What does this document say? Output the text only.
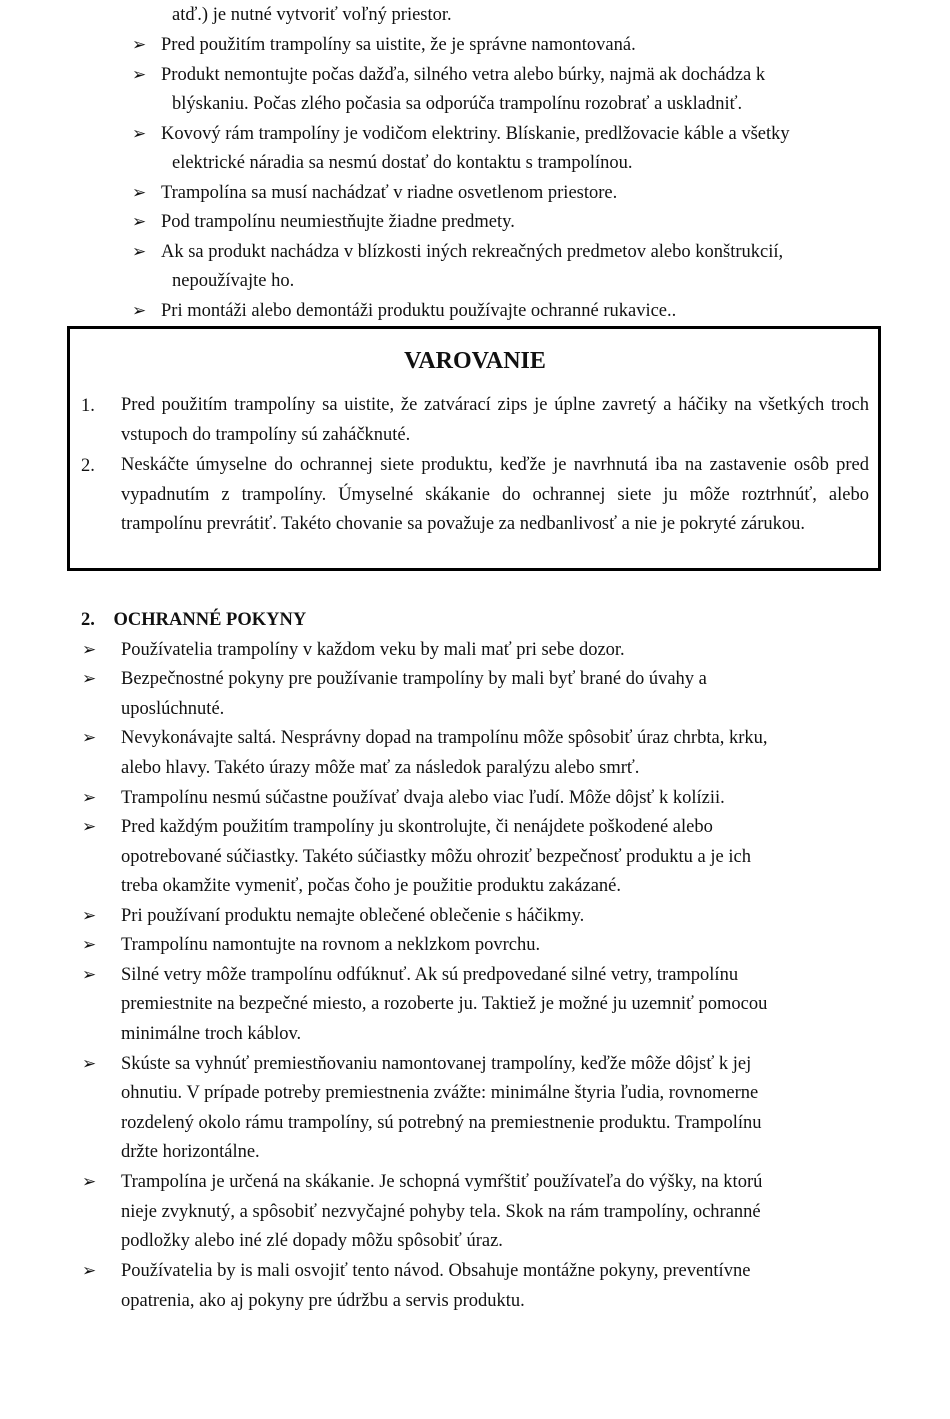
atď.) je nutné vytvoriť voľný priestor.
➢ Pred použitím trampolíny sa uistite, že je správne namontovaná.
➢ Produkt nemontujte počas dažďa, silného vetra alebo búrky, najmä ak dochádza k
blýskaniu. Počas zlého počasia sa odporúča trampolínu rozobrať a uskladniť.
➢ Kovový rám trampolíny je vodičom elektriny. Blískanie, predlžovacie káble a všetky
elektrické náradia sa nesmú dostať do kontaktu s trampolínou.
➢ Trampolína sa musí nachádzať v riadne osvetlenom priestore.
➢ Pod trampolínu neumiestňujte žiadne predmety.
➢ Ak sa produkt nachádza v blízkosti iných rekreačných predmetov alebo konštrukcií,
nepoužívajte ho.
➢ Pri montáži alebo demontáži produktu používajte ochranné rukavice..
VAROVANIE
1. Pred použitím trampolíny sa uistite, že zatvárací zips je úplne zavretý a háčiky na všetkých troch vstupoch do trampolíny sú zaháčknuté.
2. Neskáčte úmyselne do ochrannej siete produktu, keďže je navrhnutá iba na zastavenie osôb pred vypadnutím z trampolíny. Úmyselné skákanie do ochrannej siete ju môže roztrhnúť, alebo trampolínu prevrátiť. Takéto chovanie sa považuje za nedbanlivosť a nie je pokryté zárukou.
2. OCHRANNÉ POKYNY
➢ Používatelia trampolíny v každom veku by mali mať pri sebe dozor.
➢ Bezpečnostné pokyny pre používanie trampolíny by mali byť brané do úvahy a
uposlúchnuté.
➢ Nevykonávajte saltá. Nesprávny dopad na trampolínu môže spôsobiť úraz chrbta, krku,
alebo hlavy. Takéto úrazy môže mať za následok paralýzu alebo smrť.
➢ Trampolínu nesmú súčastne používať dvaja alebo viac ľudí. Môže dôjsť k kolízii.
➢ Pred každým použitím trampolíny ju skontrolujte, či nenájdete poškodené alebo
opotrebované súčiastky. Takéto súčiastky môžu ohroziť bezpečnosť produktu a je ich
treba okamžite vymeniť, počas čoho je použitie produktu zakázané.
➢ Pri používaní produktu nemajte oblečené oblečenie s háčikmy.
➢ Trampolínu namontujte na rovnom a neklzkom povrchu.
➢ Silné vetry môže trampolínu odfúknuť. Ak sú predpovedané silné vetry, trampolínu
premiestnite na bezpečné miesto, a rozoberte ju. Taktiež je možné ju uzemniť pomocou
minimálne troch káblov.
➢ Skúste sa vyhnúť premiestňovaniu namontovanej trampolíny, keďže môže dôjsť k jej
ohnutiu. V prípade potreby premiestnenia zvážte: minimálne štyria ľudia, rovnomerne
rozdelený okolo rámu trampolíny, sú potrebný na premiestnenie produktu. Trampolínu
držte horizontálne.
➢ Trampolína je určená na skákanie. Je schopná vymŕštiť používateľa do výšky, na ktorú
nieje zvyknutý, a spôsobiť nezvyčajné pohyby tela. Skok na rám trampolíny, ochranné
podložky alebo iné zlé dopady môžu spôsobiť úraz.
➢ Používatelia by is mali osvojiť tento návod. Obsahuje montážne pokyny, preventívne
opatrenia, ako aj pokyny pre údržbu a servis produktu.
